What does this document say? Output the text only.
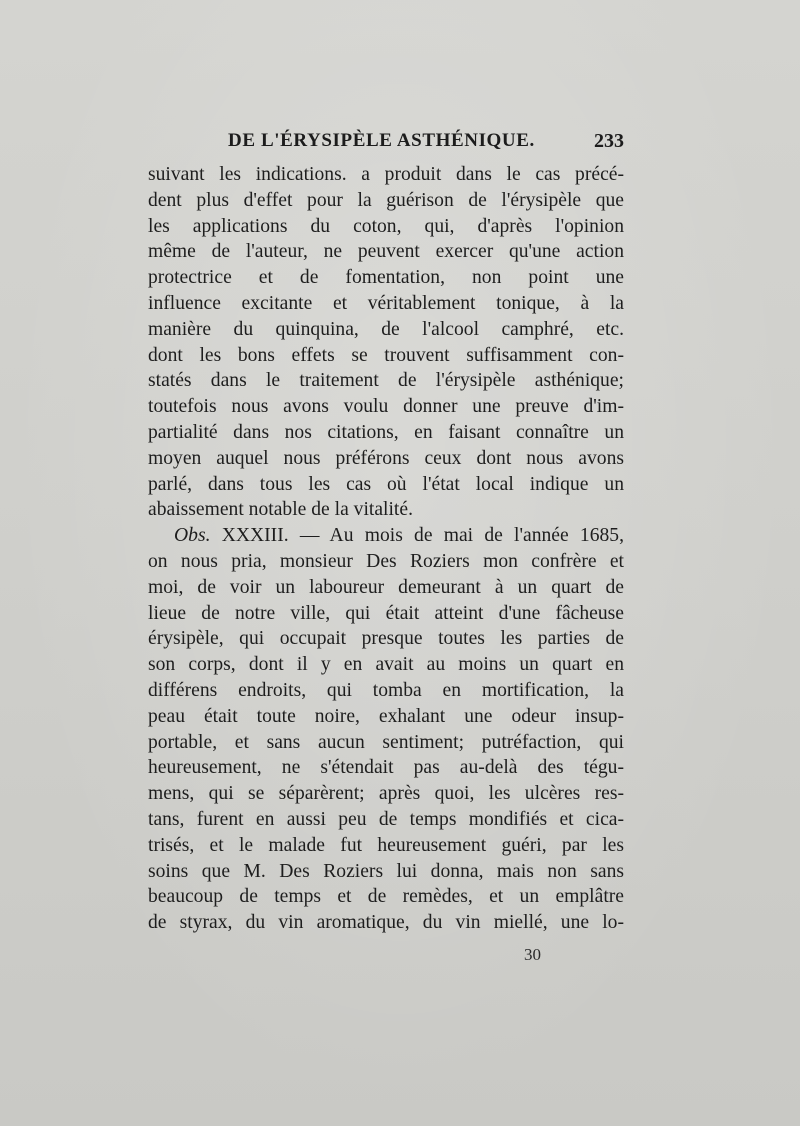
DE L'ÉRYSIPÈLE ASTHÉNIQUE.	233
suivant les indications. a produit dans le cas précé-
dent plus d'effet pour la guérison de l'érysipèle que
les applications du coton, qui, d'après l'opinion
même de l'auteur, ne peuvent exercer qu'une action
protectrice et de fomentation, non point une
influence excitante et véritablement tonique, à la
manière du quinquina, de l'alcool camphré, etc.
dont les bons effets se trouvent suffisamment con-
statés dans le traitement de l'érysipèle asthénique;
toutefois nous avons voulu donner une preuve d'im-
partialité dans nos citations, en faisant connaître un
moyen auquel nous préférons ceux dont nous avons
parlé, dans tous les cas où l'état local indique un
abaissement notable de la vitalité.
Obs. XXXIII. — Au mois de mai de l'année 1685,
on nous pria, monsieur Des Roziers mon confrère et
moi, de voir un laboureur demeurant à un quart de
lieue de notre ville, qui était atteint d'une fâcheuse
érysipèle, qui occupait presque toutes les parties de
son corps, dont il y en avait au moins un quart en
différens endroits, qui tomba en mortification, la
peau était toute noire, exhalant une odeur insup-
portable, et sans aucun sentiment; putréfaction, qui
heureusement, ne s'étendait pas au-delà des tégu-
mens, qui se séparèrent; après quoi, les ulcères res-
tans, furent en aussi peu de temps mondifiés et cica-
trisés, et le malade fut heureusement guéri, par les
soins que M. Des Roziers lui donna, mais non sans
beaucoup de temps et de remèdes, et un emplâtre
de styrax, du vin aromatique, du vin miellé, une lo-
30
